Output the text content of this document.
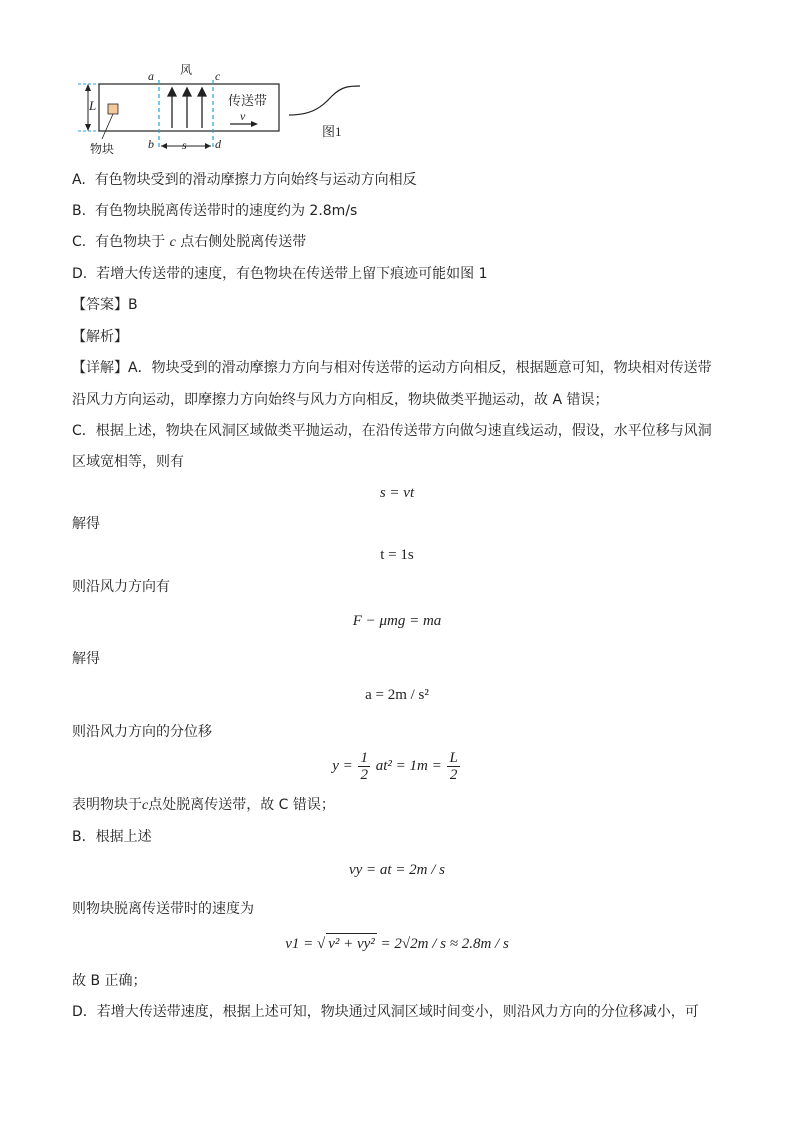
L
s
a	c
b	d
风
传送带
v
物块
图1
A. 有色物块受到的滑动摩擦力方向始终与运动方向相反
B. 有色物块脱离传送带时的速度约为 2.8m/s
C. 有色物块于 c 点右侧处脱离传送带
D. 若增大传送带的速度，有色物块在传送带上留下痕迹可能如图 1
【答案】B
【解析】
【详解】A．物块受到的滑动摩擦力方向与相对传送带的运动方向相反，根据题意可知，物块相对传送带
沿风力方向运动，即摩擦力方向始终与风力方向相反，物块做类平抛运动，故 A 错误；
C．根据上述，物块在风洞区域做类平抛运动，在沿传送带方向做匀速直线运动，假设，水平位移与风洞
区域宽相等，则有
s = vt
解得
t = 1s
则沿风力方向有
F − μmg = ma
解得
a = 2m / s²
则沿风力方向的分位移
$y = \frac{1}{2} at^2 = 1m = \frac{L}{2}$
表明物块于c点处脱离传送带，故 C 错误；
B．根据上述
vy = at = 2m / s
则物块脱离传送带时的速度为
v1 = √ v² + vy² = 2√2m / s ≈ 2.8m / s
故 B 正确；
D．若增大传送带速度，根据上述可知，物块通过风洞区域时间变小，则沿风力方向的分位移减小，可
